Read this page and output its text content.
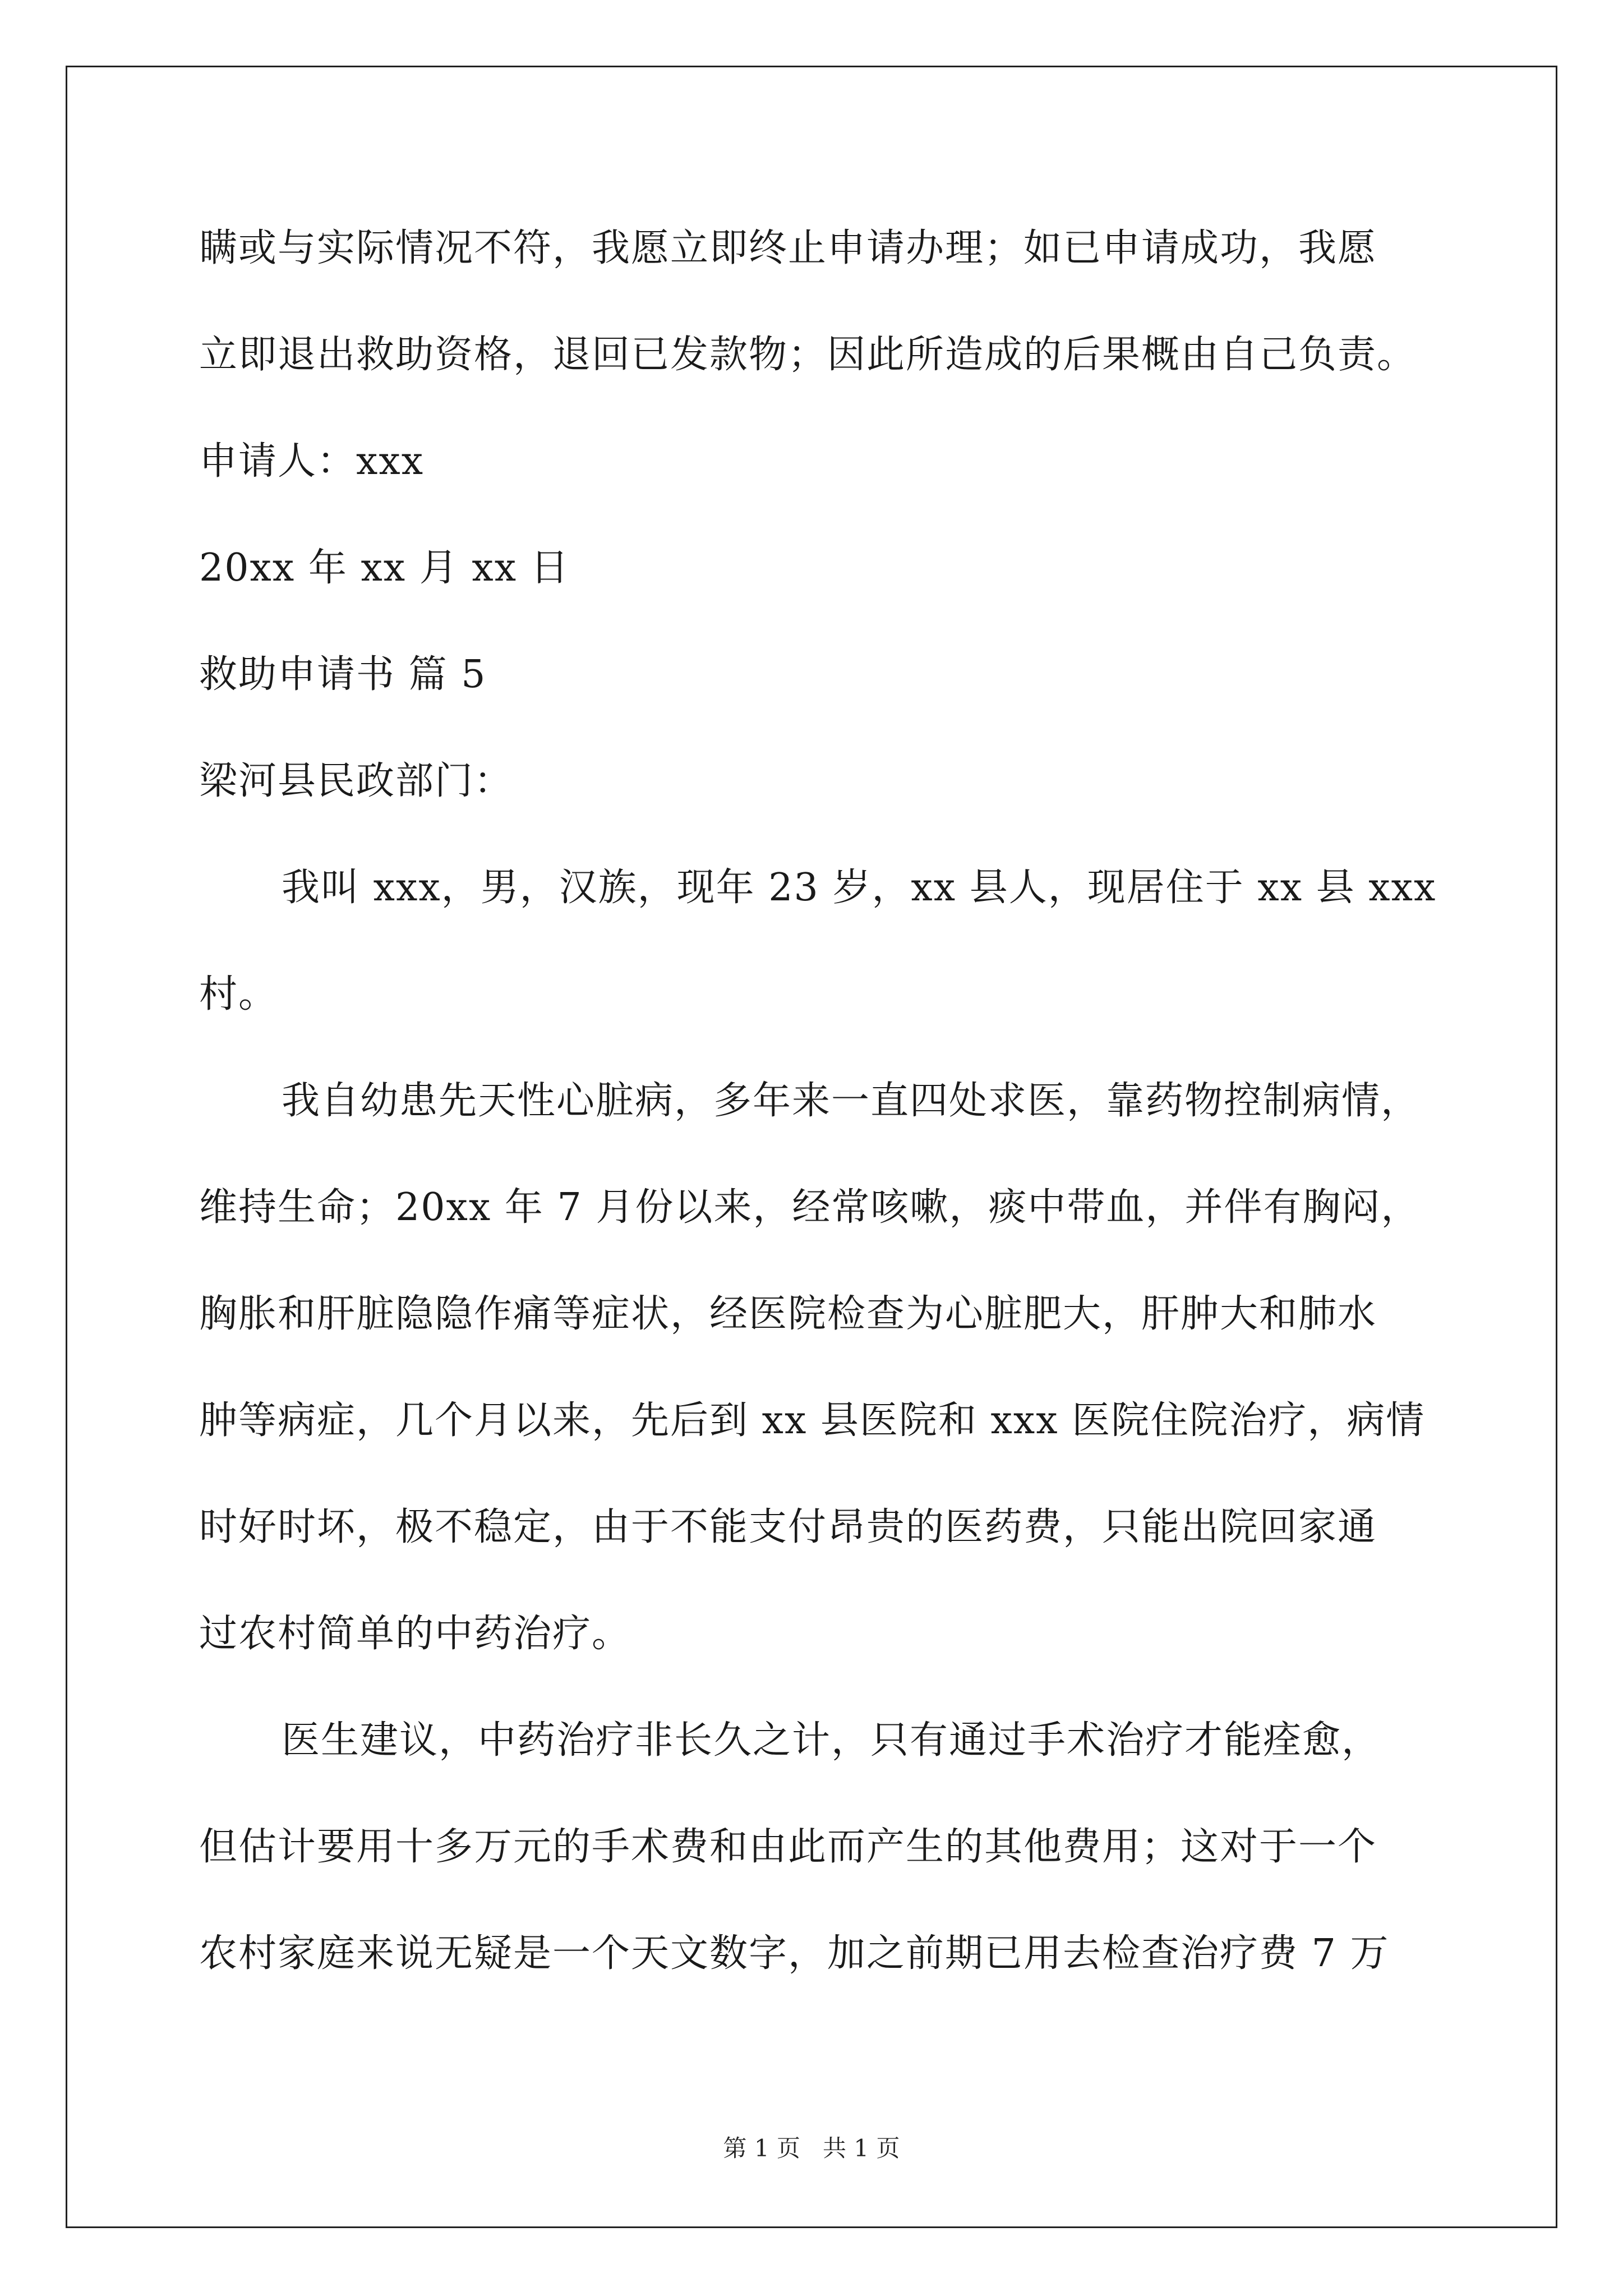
瞒或与实际情况不符，我愿立即终止申请办理；如已申请成功，我愿
立即退出救助资格，退回已发款物；因此所造成的后果概由自己负责。
申请人：xxx
20xx 年 xx 月 xx 日
救助申请书 篇 5
梁河县民政部门：
我叫 xxx，男，汉族，现年 23 岁，xx 县人，现居住于 xx 县 xxx
村。
我自幼患先天性心脏病，多年来一直四处求医，靠药物控制病情，
维持生命；20xx 年 7 月份以来，经常咳嗽，痰中带血，并伴有胸闷，
胸胀和肝脏隐隐作痛等症状，经医院检查为心脏肥大，肝肿大和肺水
肿等病症，几个月以来，先后到 xx 县医院和 xxx 医院住院治疗，病情
时好时坏，极不稳定，由于不能支付昂贵的医药费，只能出院回家通
过农村简单的中药治疗。
医生建议，中药治疗非长久之计，只有通过手术治疗才能痊愈，
但估计要用十多万元的手术费和由此而产生的其他费用；这对于一个
农村家庭来说无疑是一个天文数字，加之前期已用去检查治疗费 7 万
第 1 页   共 1 页
